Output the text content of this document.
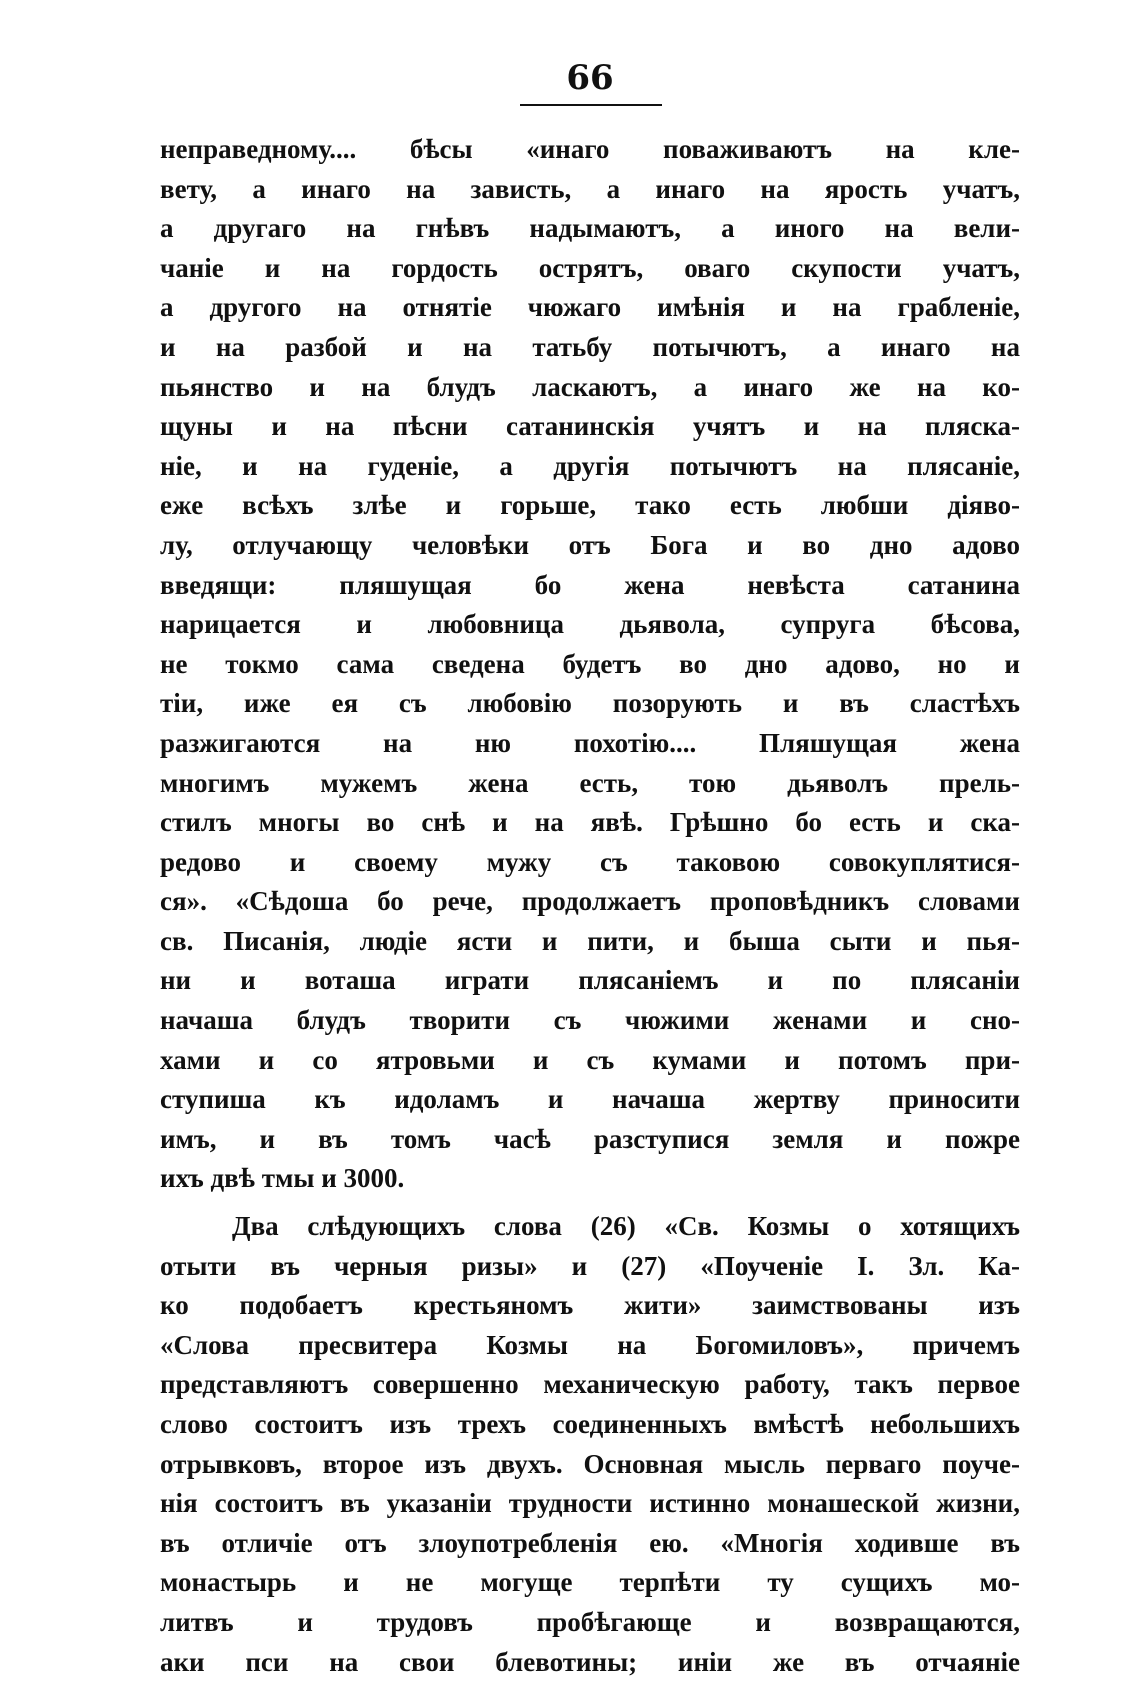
66
неправедному.... бѣсы «инаго поваживаютъ на кле-
вету, а инаго на зависть, а инаго на ярость учатъ,
а другаго на гнѣвъ надымаютъ, а иного на вели-
чаніе и на гордость острятъ, оваго скупости учатъ,
а другого на отнятіе чюжаго имѣнія и на грабленіе,
и на разбой и на татьбу потычютъ, а инаго на
пьянство и на блудъ ласкаютъ, а инаго же на ко-
щуны и на пѣсни сатанинскія учятъ и на пляска-
ніе, и на гуденіе, а другія потычютъ на плясаніе,
еже всѣхъ злѣе и горьше, тако есть любши діяво-
лу, отлучающу человѣки отъ Бога и во дно адово
введящи: пляшущая бо жена невѣста сатанина
нарицается и любовница дьявола, супруга бѣсова,
не токмо сама сведена будетъ во дно адово, но и
тіи, иже ея съ любовію позорують и въ сластѣхъ
разжигаются на ню похотію.... Пляшущая жена
многимъ мужемъ жена есть, тою дьяволъ прель-
стилъ многы во снѣ и на явѣ. Грѣшно бо есть и ска-
редово и своему мужу съ таковою совокуплятися-
ся». «Сѣдоша бо рече, продолжаетъ проповѣдникъ словами
св. Писанія, людіе ясти и пити, и быша сыти и пья-
ни и воташа играти плясаніемъ и по плясаніи
начаша блудъ творити съ чюжими женами и сно-
хами и со ятровьми и съ кумами и потомъ при-
ступиша къ идоламъ и начаша жертву приносити
имъ, и въ томъ часѣ разступися земля и пожре
ихъ двѣ тмы и 3000.
Два слѣдующихъ слова (26) «Св. Козмы о хотящихъ
отыти въ черныя ризы» и (27) «Поученіе І. Зл. Ка-
ко подобаетъ крестьяномъ жити» заимствованы изъ
«Слова пресвитера Козмы на Богомиловъ», причемъ
представляютъ совершенно механическую работу, такъ первое
слово состоитъ изъ трехъ соединенныхъ вмѣстѣ небольшихъ
отрывковъ, второе изъ двухъ. Основная мысль перваго поуче-
нія состоитъ въ указаніи трудности истинно монашеской жизни,
въ отличіе отъ злоупотребленія ею. «Многія ходивше въ
монастырь и не могуще терпѣти ту сущихъ мо-
литвъ и трудовъ пробѣгающе и возвращаются,
аки пси на свои блевотины; иніи же въ отчаяніе
